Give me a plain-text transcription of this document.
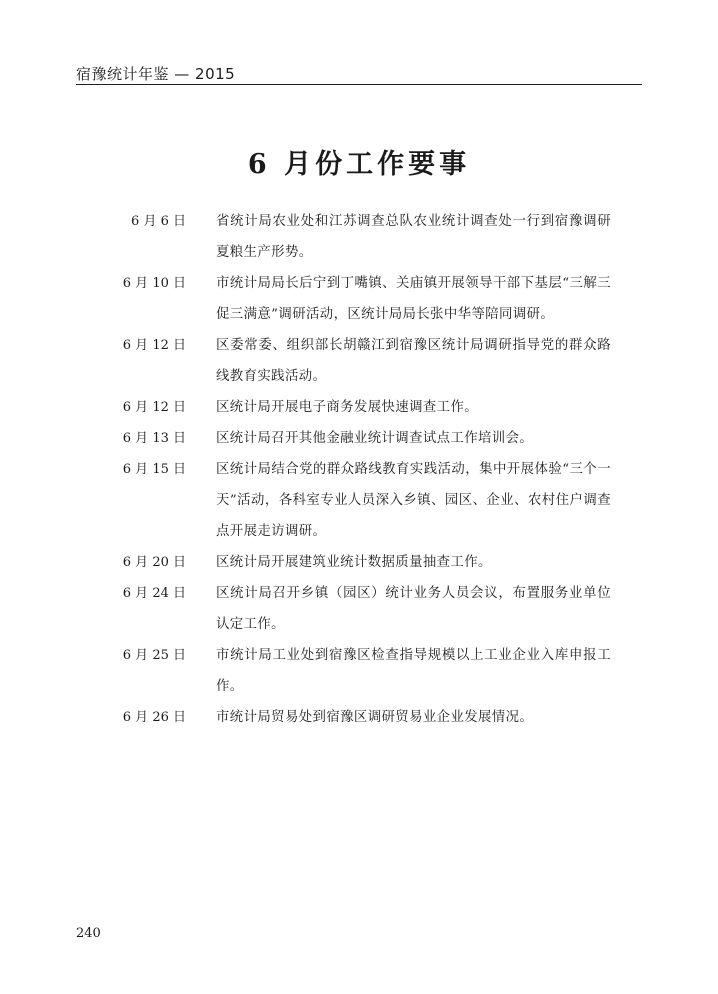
宿豫统计年鉴 — 2015
6 月份工作要事
6 月 6 日 省统计局农业处和江苏调查总队农业统计调查处一行到宿豫调研夏粮生产形势。
6 月 10 日 市统计局局长后宁到丁嘴镇、关庙镇开展领导干部下基层“三解三促三满意”调研活动，区统计局局长张中华等陪同调研。
6 月 12 日 区委常委、组织部长胡赣江到宿豫区统计局调研指导党的群众路线教育实践活动。
6 月 12 日 区统计局开展电子商务发展快速调查工作。
6 月 13 日 区统计局召开其他金融业统计调查试点工作培训会。
6 月 15 日 区统计局结合党的群众路线教育实践活动，集中开展体验“三个一天”活动，各科室专业人员深入乡镇、园区、企业、农村住户调查点开展走访调研。
6 月 20 日 区统计局开展建筑业统计数据质量抽查工作。
6 月 24 日 区统计局召开乡镇（园区）统计业务人员会议，布置服务业单位认定工作。
6 月 25 日 市统计局工业处到宿豫区检查指导规模以上工业企业入库申报工作。
6 月 26 日 市统计局贸易处到宿豫区调研贸易业企业发展情况。
240
